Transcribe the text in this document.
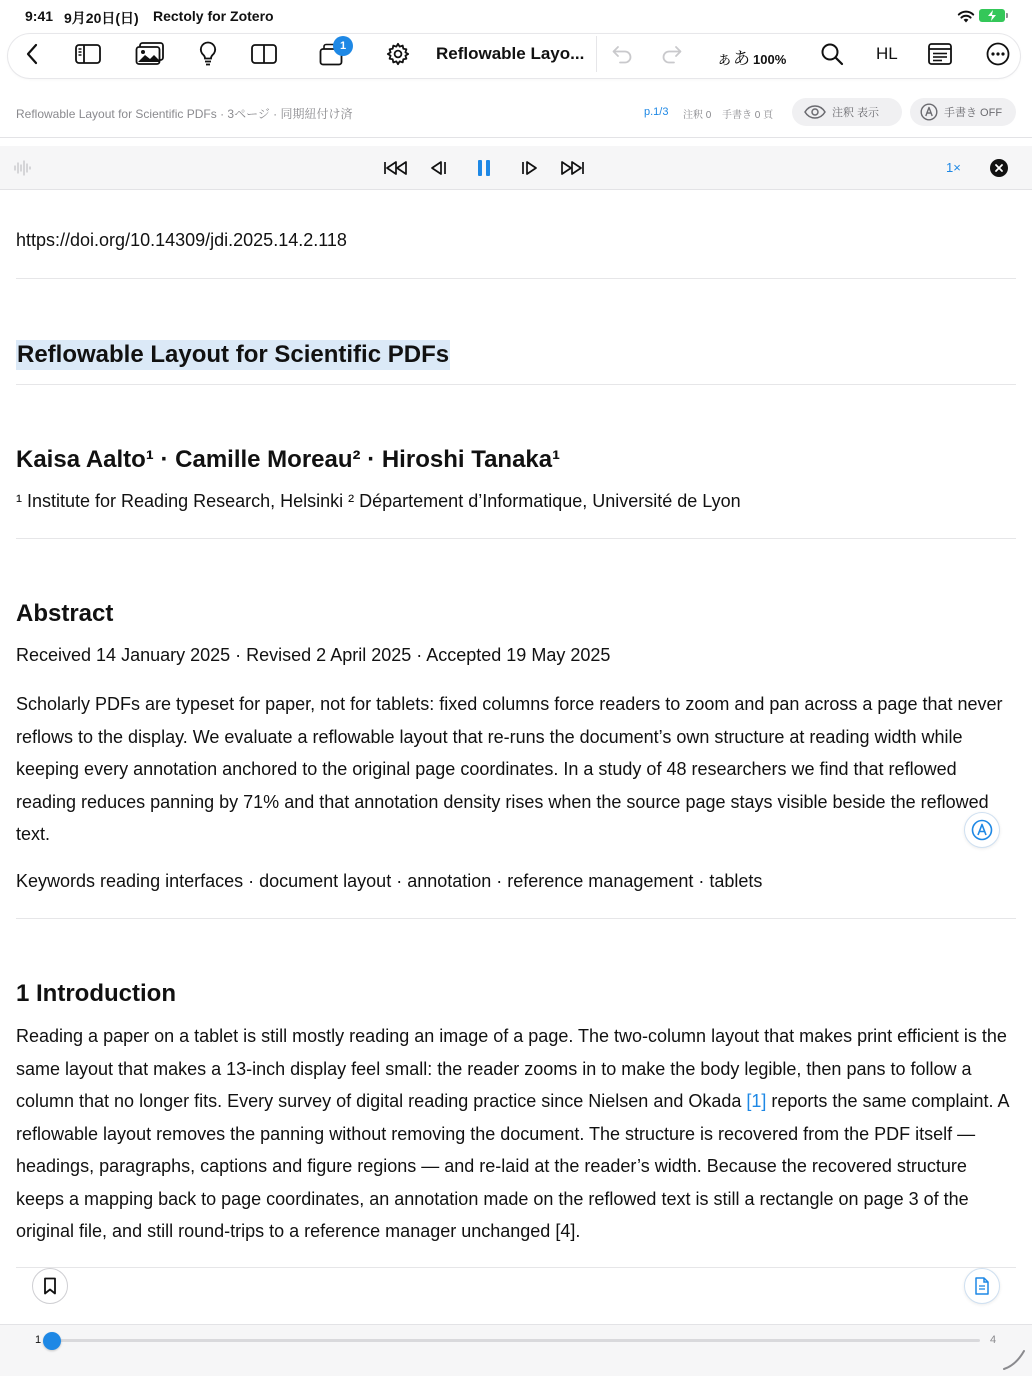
9:41 9月20日(日) Rectoly for Zotero
1	Reflowable Layo...	ぁあ 100%	HL
Reflowable Layout for Scientific PDFs · 3ページ · 同期紐付け済	p.1/3 注釈 0 手書き 0 頁	注釈 表示	手書き OFF
1×
https://doi.org/10.14309/jdi.2025.14.2.118
Reflowable Layout for Scientific PDFs
Kaisa Aalto¹ · Camille Moreau² · Hiroshi Tanaka¹
¹ Institute for Reading Research, Helsinki ² Département d’Informatique, Université de Lyon
Abstract
Received 14 January 2025 · Revised 2 April 2025 · Accepted 19 May 2025
Scholarly PDFs are typeset for paper, not for tablets: fixed columns force readers to zoom and pan across a page that never
reflows to the display. We evaluate a reflowable layout that re-runs the document’s own structure at reading width while
keeping every annotation anchored to the original page coordinates. In a study of 48 researchers we find that reflowed
reading reduces panning by 71% and that annotation density rises when the source page stays visible beside the reflowed
text.
Keywords reading interfaces · document layout · annotation · reference management · tablets
1 Introduction
Reading a paper on a tablet is still mostly reading an image of a page. The two-column layout that makes print efficient is the
same layout that makes a 13-inch display feel small: the reader zooms in to make the body legible, then pans to follow a
column that no longer fits. Every survey of digital reading practice since Nielsen and Okada [1] reports the same complaint. A
reflowable layout removes the panning without removing the document. The structure is recovered from the PDF itself —
headings, paragraphs, captions and figure regions — and re-laid at the reader’s width. Because the recovered structure
keeps a mapping back to page coordinates, an annotation made on the reflowed text is still a rectangle on page 3 of the
original file, and still round-trips to a reference manager unchanged [4].
1	4
